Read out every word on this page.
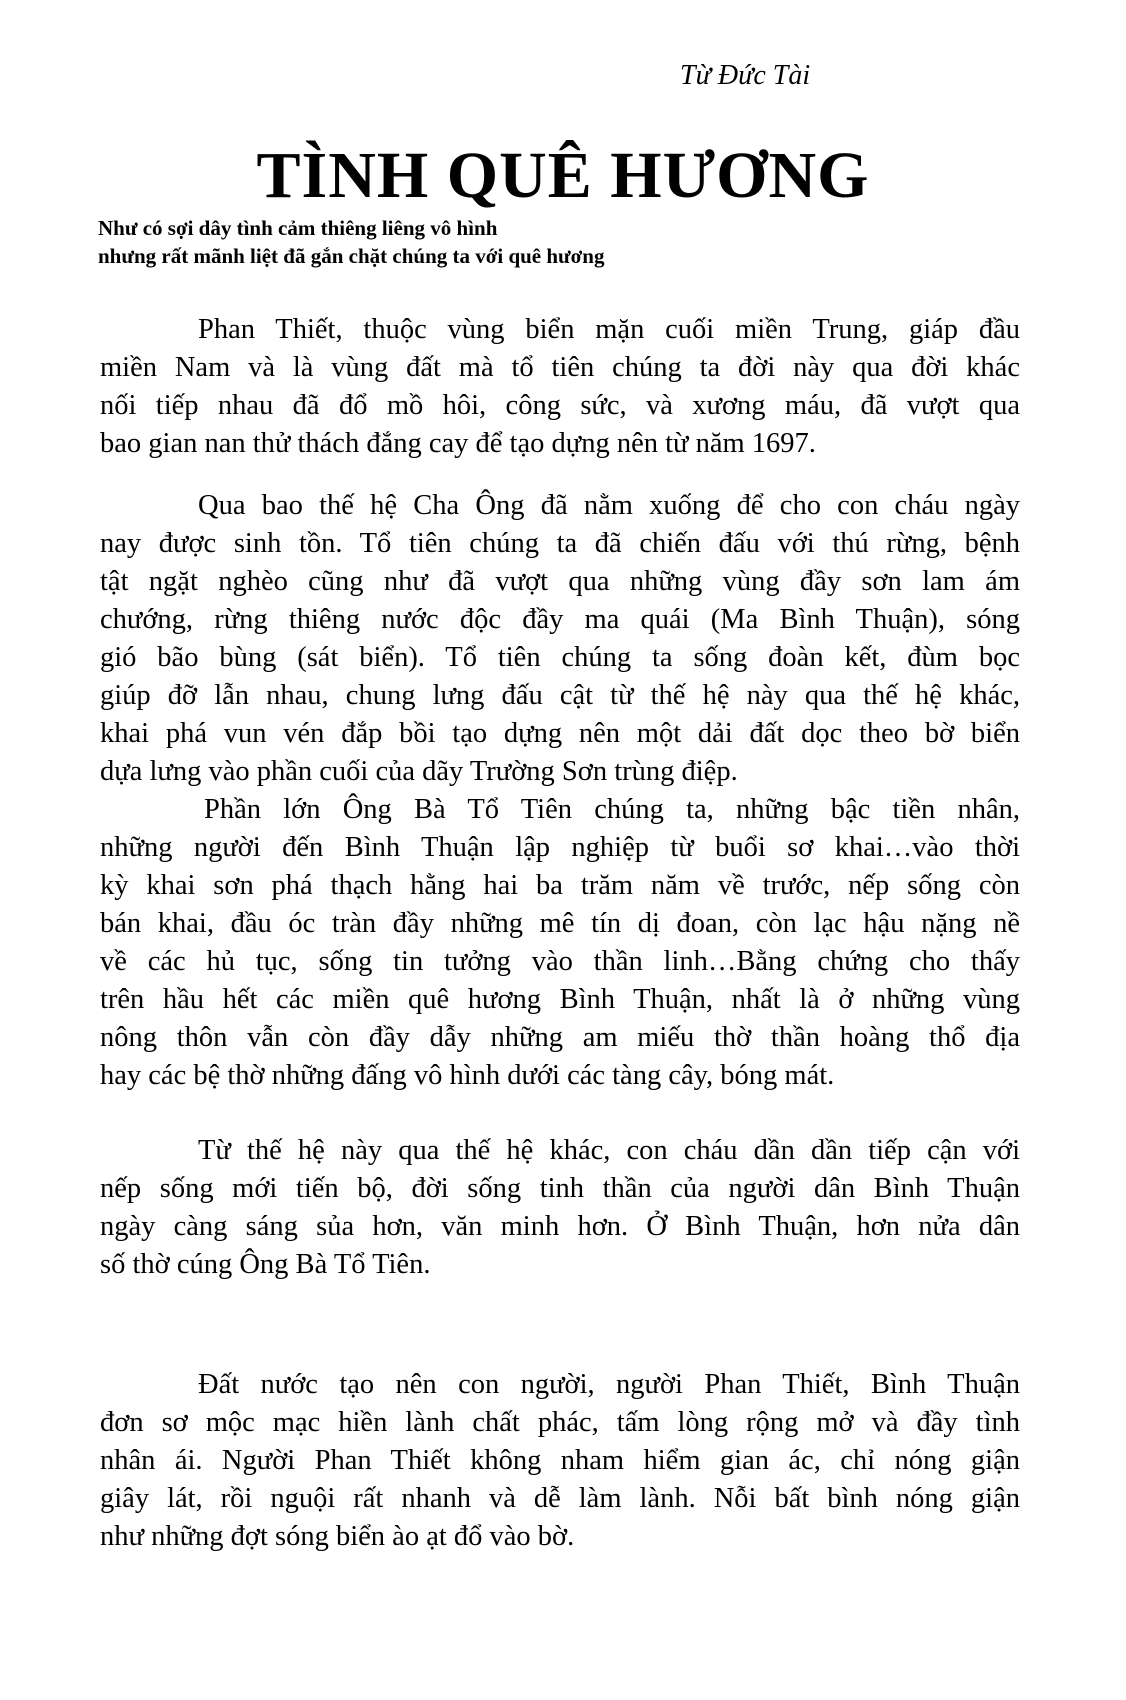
Từ Đức Tài
TÌNH QUÊ HƯƠNG
Như có sợi dây tình cảm thiêng liêng vô hình
nhưng rất mãnh liệt đã gắn chặt chúng ta với quê hương
Phan Thiết, thuộc vùng biển mặn cuối miền Trung, giáp đầu
miền Nam và là vùng đất mà tổ tiên chúng ta đời này qua đời khác
nối tiếp nhau đã đổ mồ hôi, công sức, và xương máu, đã vượt qua
bao gian nan thử thách đắng cay để tạo dựng nên từ năm 1697.
Qua bao thế hệ Cha Ông đã nằm xuống để cho con cháu ngày
nay được sinh tồn. Tổ tiên chúng ta đã chiến đấu với thú rừng, bệnh
tật ngặt nghèo cũng như đã vượt qua những vùng đầy sơn lam ám
chướng, rừng thiêng nước độc đầy ma quái (Ma Bình Thuận), sóng
gió bão bùng (sát biển). Tổ tiên chúng ta sống đoàn kết, đùm bọc
giúp đỡ lẫn nhau, chung lưng đấu cật từ thế hệ này qua thế hệ khác,
khai phá vun vén đắp bồi tạo dựng nên một dải đất dọc theo bờ biển
dựa lưng vào phần cuối của dãy Trường Sơn trùng điệp.
Phần lớn Ông Bà Tổ Tiên chúng ta, những bậc tiền nhân,
những người đến Bình Thuận lập nghiệp từ buổi sơ khai…vào thời
kỳ khai sơn phá thạch hằng hai ba trăm năm về trước, nếp sống còn
bán khai, đầu óc tràn đầy những mê tín dị đoan, còn lạc hậu nặng nề
về các hủ tục, sống tin tưởng vào thần linh…Bằng chứng cho thấy
trên hầu hết các miền quê hương Bình Thuận, nhất là ở những vùng
nông thôn vẫn còn đầy dẫy những am miếu thờ thần hoàng thổ địa
hay các bệ thờ những đấng vô hình dưới các tàng cây, bóng mát.
Từ thế hệ này qua thế hệ khác, con cháu dần dần tiếp cận với
nếp sống mới tiến bộ, đời sống tinh thần của người dân Bình Thuận
ngày càng sáng sủa hơn, văn minh hơn. Ở Bình Thuận, hơn nửa dân
số thờ cúng Ông Bà Tổ Tiên.
Đất nước tạo nên con người, người Phan Thiết, Bình Thuận
đơn sơ mộc mạc hiền lành chất phác, tấm lòng rộng mở và đầy tình
nhân ái. Người Phan Thiết không nham hiểm gian ác, chỉ nóng giận
giây lát, rồi nguội rất nhanh và dễ làm lành. Nỗi bất bình nóng giận
như những đợt sóng biển ào ạt đổ vào bờ.
